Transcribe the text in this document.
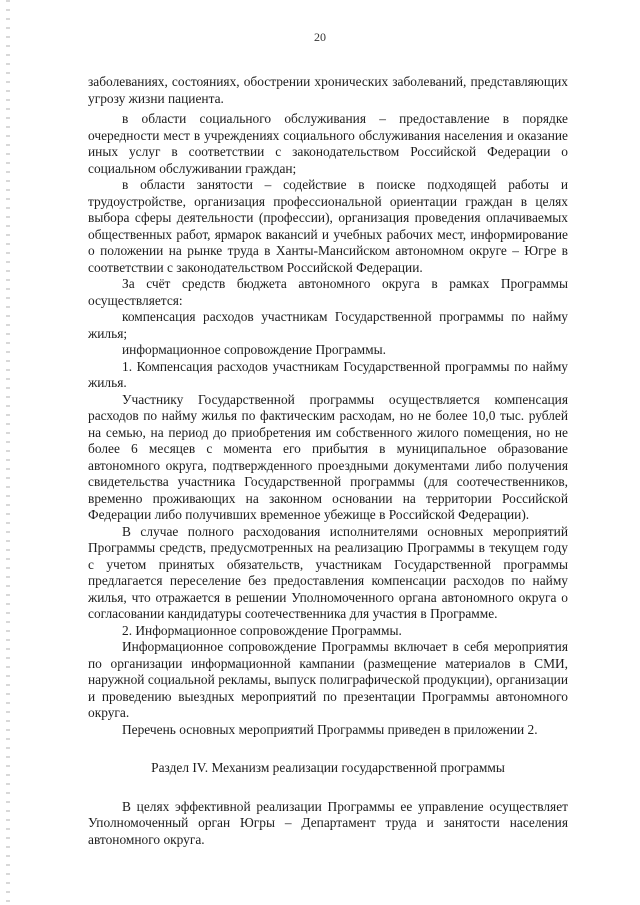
20

заболеваниях, состояниях, обострении хронических заболеваний, представляющих угрозу жизни пациента.

в области социального обслуживания – предоставление в порядке очередности мест в учреждениях социального обслуживания населения и оказание иных услуг в соответствии с законодательством Российской Федерации о социальном обслуживании граждан;

в области занятости – содействие в поиске подходящей работы и трудоустройстве, организация профессиональной ориентации граждан в целях выбора сферы деятельности (профессии), организация проведения оплачиваемых общественных работ, ярмарок вакансий и учебных рабочих мест, информирование о положении на рынке труда в Ханты-Мансийском автономном округе – Югре в соответствии с законодательством Российской Федерации.

За счёт средств бюджета автономного округа в рамках Программы осуществляется:

компенсация расходов участникам Государственной программы по найму жилья;

информационное сопровождение Программы.

1. Компенсация расходов участникам Государственной программы по найму жилья.

Участнику Государственной программы осуществляется компенсация расходов по найму жилья по фактическим расходам, но не более 10,0 тыс. рублей на семью, на период до приобретения им собственного жилого помещения, но не более 6 месяцев с момента его прибытия в муниципальное образование автономного округа, подтвержденного проездными документами либо получения свидетельства участника Государственной программы (для соотечественников, временно проживающих на законном основании на территории Российской Федерации либо получивших временное убежище в Российской Федерации).

В случае полного расходования исполнителями основных мероприятий Программы средств, предусмотренных на реализацию Программы в текущем году с учетом принятых обязательств, участникам Государственной программы предлагается переселение без предоставления компенсации расходов по найму жилья, что отражается в решении Уполномоченного органа автономного округа о согласовании кандидатуры соотечественника для участия в Программе.

2. Информационное сопровождение Программы.

Информационное сопровождение Программы включает в себя мероприятия по организации информационной кампании (размещение материалов в СМИ, наружной социальной рекламы, выпуск полиграфической продукции), организации и проведению выездных мероприятий по презентации Программы автономного округа.

Перечень основных мероприятий Программы приведен в приложении 2.

Раздел IV. Механизм реализации государственной программы

В целях эффективной реализации Программы ее управление осуществляет Уполномоченный орган Югры – Департамент труда и занятости населения автономного округа.
